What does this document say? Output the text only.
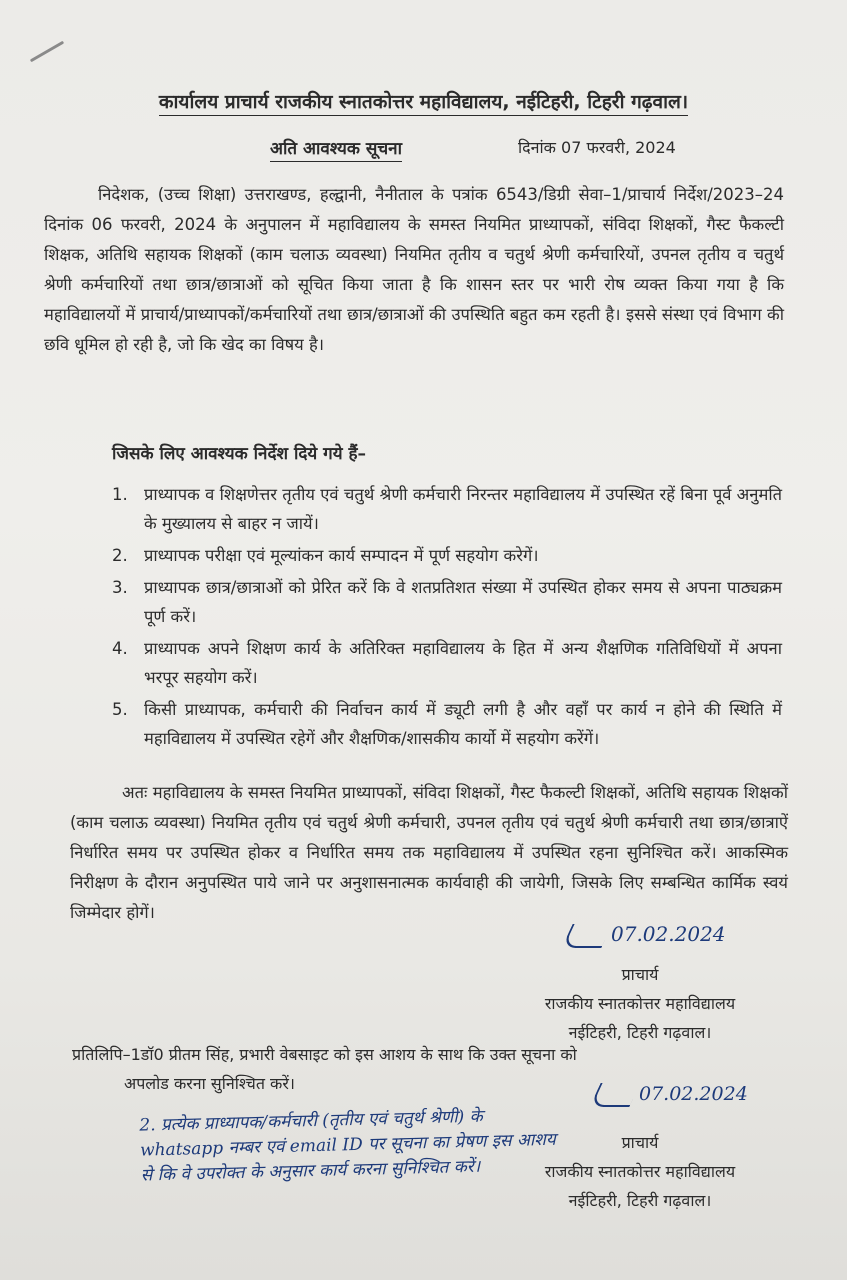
कार्यालय प्राचार्य राजकीय स्नातकोत्तर महाविद्यालय, नईटिहरी, टिहरी गढ़वाल।
अति आवश्यक सूचना	दिनांक 07 फरवरी, 2024
निदेशक, (उच्च शिक्षा) उत्तराखण्ड, हल्द्वानी, नैनीताल के पत्रांक 6543/डिग्री सेवा–1/प्राचार्य निर्देश/2023–24 दिनांक 06 फरवरी, 2024 के अनुपालन में महाविद्यालय के समस्त नियमित प्राध्यापकों, संविदा शिक्षकों, गैस्ट फैकल्टी शिक्षक, अतिथि सहायक शिक्षकों (काम चलाऊ व्यवस्था) नियमित तृतीय व चतुर्थ श्रेणी कर्मचारियों, उपनल तृतीय व चतुर्थ श्रेणी कर्मचारियों तथा छात्र/छात्राओं को सूचित किया जाता है कि शासन स्तर पर भारी रोष व्यक्त किया गया है कि महाविद्यालयों में प्राचार्य/प्राध्यापकों/कर्मचारियों तथा छात्र/छात्राओं की उपस्थिति बहुत कम रहती है। इससे संस्था एवं विभाग की छवि धूमिल हो रही है, जो कि खेद का विषय है।
जिसके लिए आवश्यक निर्देश दिये गये हैं–
1. प्राध्यापक व शिक्षणेत्तर तृतीय एवं चतुर्थ श्रेणी कर्मचारी निरन्तर महाविद्यालय में उपस्थित रहें बिना पूर्व अनुमति के मुख्यालय से बाहर न जायें।
2. प्राध्यापक परीक्षा एवं मूल्यांकन कार्य सम्पादन में पूर्ण सहयोग करेगें।
3. प्राध्यापक छात्र/छात्राओं को प्रेरित करें कि वे शतप्रतिशत संख्या में उपस्थित होकर समय से अपना पाठ्यक्रम पूर्ण करें।
4. प्राध्यापक अपने शिक्षण कार्य के अतिरिक्त महाविद्यालय के हित में अन्य शैक्षणिक गतिविधियों में अपना भरपूर सहयोग करें।
5. किसी प्राध्यापक, कर्मचारी की निर्वाचन कार्य में ड्यूटी लगी है और वहाँ पर कार्य न होने की स्थिति में महाविद्यालय में उपस्थित रहेगें और शैक्षणिक/शासकीय कार्यो में सहयोग करेंगें।
अतः महाविद्यालय के समस्त नियमित प्राध्यापकों, संविदा शिक्षकों, गैस्ट फैकल्टी शिक्षकों, अतिथि सहायक शिक्षकों (काम चलाऊ व्यवस्था) नियमित तृतीय एवं चतुर्थ श्रेणी कर्मचारी, उपनल तृतीय एवं चतुर्थ श्रेणी कर्मचारी तथा छात्र/छात्राऐं निर्धारित समय पर उपस्थित होकर व निर्धारित समय तक महाविद्यालय में उपस्थित रहना सुनिश्चित करें। आकस्मिक निरीक्षण के दौरान अनुपस्थित पाये जाने पर अनुशासनात्मक कार्यवाही की जायेगी, जिसके लिए सम्बन्धित कार्मिक स्वयं जिम्मेदार होगें।
07.02.2024
प्राचार्य
राजकीय स्नातकोत्तर महाविद्यालय
नईटिहरी, टिहरी गढ़वाल।
प्रतिलिपि–1डॉ0 प्रीतम सिंह, प्रभारी वेबसाइट को इस आशय के साथ कि उक्त सूचना को
अपलोड करना सुनिश्चित करें।	07.02.2024
2. प्रत्येक प्राध्यापक/कर्मचारी (तृतीय एवं चतुर्थ श्रेणी) के whatsapp नम्बर एवं email ID पर सूचना का प्रेषण इस आशय से कि वे उपरोक्त के अनुसार कार्य करना सुनिश्चित करें।
प्राचार्य
राजकीय स्नातकोत्तर महाविद्यालय
नईटिहरी, टिहरी गढ़वाल।
